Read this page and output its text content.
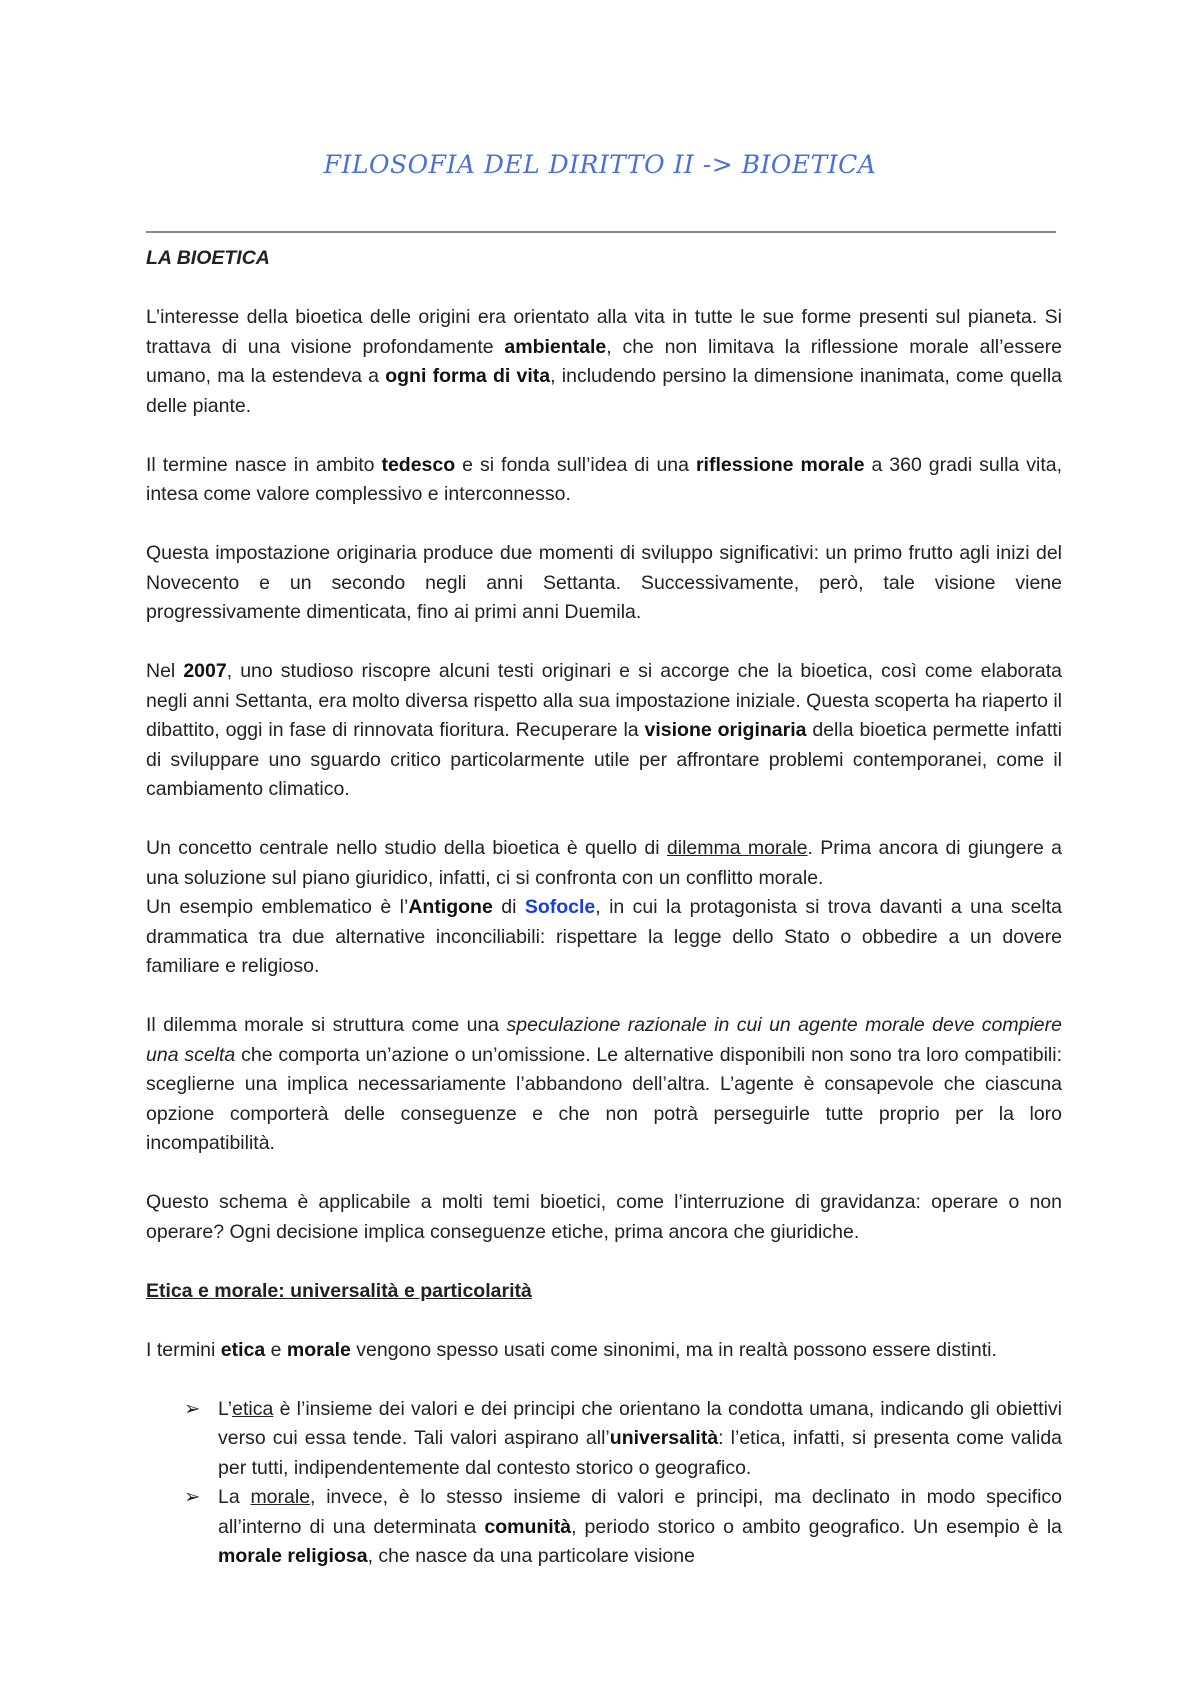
FILOSOFIA DEL DIRITTO II -> BIOETICA

LA BIOETICA

L’interesse della bioetica delle origini era orientato alla vita in tutte le sue forme presenti sul pianeta. Si trattava di una visione profondamente ambientale, che non limitava la riflessione morale all’essere umano, ma la estendeva a ogni forma di vita, includendo persino la dimensione inanimata, come quella delle piante.

Il termine nasce in ambito tedesco e si fonda sull’idea di una riflessione morale a 360 gradi sulla vita, intesa come valore complessivo e interconnesso.

Questa impostazione originaria produce due momenti di sviluppo significativi: un primo frutto agli inizi del Novecento e un secondo negli anni Settanta. Successivamente, però, tale visione viene progressivamente dimenticata, fino ai primi anni Duemila.

Nel 2007, uno studioso riscopre alcuni testi originari e si accorge che la bioetica, così come elaborata negli anni Settanta, era molto diversa rispetto alla sua impostazione iniziale. Questa scoperta ha riaperto il dibattito, oggi in fase di rinnovata fioritura. Recuperare la visione originaria della bioetica permette infatti di sviluppare uno sguardo critico particolarmente utile per affrontare problemi contemporanei, come il cambiamento climatico.

Un concetto centrale nello studio della bioetica è quello di dilemma morale. Prima ancora di giungere a una soluzione sul piano giuridico, infatti, ci si confronta con un conflitto morale.

Un esempio emblematico è l’Antigone di Sofocle, in cui la protagonista si trova davanti a una scelta drammatica tra due alternative inconciliabili: rispettare la legge dello Stato o obbedire a un dovere familiare e religioso.

Il dilemma morale si struttura come una speculazione razionale in cui un agente morale deve compiere una scelta che comporta un’azione o un’omissione. Le alternative disponibili non sono tra loro compatibili: sceglierne una implica necessariamente l’abbandono dell’altra. L’agente è consapevole che ciascuna opzione comporterà delle conseguenze e che non potrà perseguirle tutte proprio per la loro incompatibilità.

Questo schema è applicabile a molti temi bioetici, come l’interruzione di gravidanza: operare o non operare? Ogni decisione implica conseguenze etiche, prima ancora che giuridiche.

Etica e morale: universalità e particolarità

I termini etica e morale vengono spesso usati come sinonimi, ma in realtà possono essere distinti.

➢ L’etica è l’insieme dei valori e dei principi che orientano la condotta umana, indicando gli obiettivi verso cui essa tende. Tali valori aspirano all’universalità: l’etica, infatti, si presenta come valida per tutti, indipendentemente dal contesto storico o geografico.
➢ La morale, invece, è lo stesso insieme di valori e principi, ma declinato in modo specifico all’interno di una determinata comunità, periodo storico o ambito geografico. Un esempio è la morale religiosa, che nasce da una particolare visione
